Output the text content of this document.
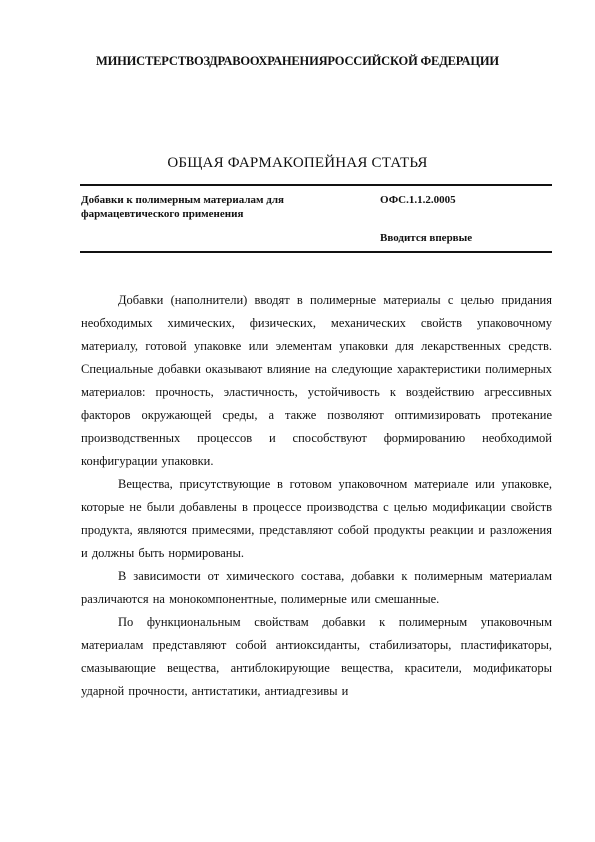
МИНИСТЕРСТВОЗДРАВООХРАНЕНИЯРОССИЙСКОЙ ФЕДЕРАЦИИ
ОБЩАЯ ФАРМАКОПЕЙНАЯ СТАТЬЯ
Добавки к полимерным материалам для фармацевтического применения
ОФС.1.1.2.0005
Вводится впервые

Добавки (наполнители) вводят в полимерные материалы с целью придания необходимых химических, физических, механических свойств упаковочному материалу, готовой упаковке или элементам упаковки для лекарственных средств. Специальные добавки оказывают влияние на следующие характеристики полимерных материалов: прочность, эластичность, устойчивость к воздействию агрессивных факторов окружающей среды, а также позволяют оптимизировать протекание производственных процессов и способствуют формированию необходимой конфигурации упаковки.

Вещества, присутствующие в готовом упаковочном материале или упаковке, которые не были добавлены в процессе производства с целью модификации свойств продукта, являются примесями, представляют собой продукты реакции и разложения и должны быть нормированы.

В зависимости от химического состава, добавки к полимерным материалам различаются на монокомпонентные, полимерные или смешанные.

По функциональным свойствам добавки к полимерным упаковочным материалам представляют собой антиоксиданты, стабилизаторы, пластификаторы, смазывающие вещества, антиблокирующие вещества, красители, модификаторы ударной прочности, антистатики, антиадгезивы и
